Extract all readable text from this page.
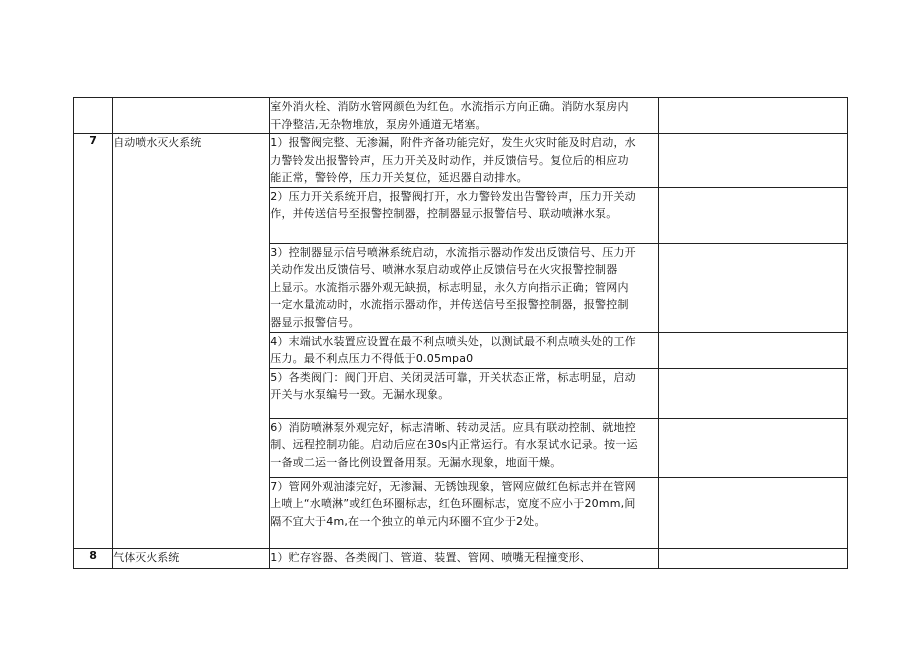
		室外消火栓、消防水管网颜色为红色。水流指示方向正确。消防水泵房内
干净整洁,无杂物堆放，泵房外通道无堵塞。	

7	自动喷水灭火系统	1）报警阀完整、无渗漏，附件齐备功能完好，发生火灾时能及时启动，水
力警铃发出报警铃声，压力开关及时动作，并反馈信号。复位后的相应功
能正常，警铃停，压力开关复位，延迟器自动排水。	

		2）压力开关系统开启，报警阀打开，水力警铃发出告警铃声，压力开关动
作，并传送信号至报警控制器，控制器显示报警信号、联动喷淋水泵。	

		3）控制器显示信号喷淋系统启动，水流指示器动作发出反馈信号、压力开
关动作发出反馈信号、喷淋水泵启动或停止反馈信号在火灾报警控制器
上显示。水流指示器外观无缺损，标志明显，永久方向指示正确；管网内
一定水量流动时，水流指示器动作，并传送信号至报警控制器，报警控制
器显示报警信号。	

		4）末端试水装置应设置在最不利点喷头处，以测试最不利点喷头处的工作
压力。最不利点压力不得低于0.05mpa0	

		5）各类阀门：阀门开启、关闭灵活可靠，开关状态正常，标志明显，启动
开关与水泵编号一致。无漏水现象。	

		6）消防喷淋泵外观完好，标志清晰、转动灵活。应具有联动控制、就地控
制、远程控制功能。启动后应在30s内正常运行。有水泵试水记录。按一运
一备或二运一备比例设置备用泵。无漏水现象，地面干燥。	

		7）管网外观油漆完好，无渗漏、无锈蚀现象，管网应做红色标志并在管网
上喷上“水喷淋”或红色环圈标志，红色环圈标志，宽度不应小于20mm,间
隔不宜大于4m,在一个独立的单元内环圈不宜少于2处。	

8	气体灭火系统	1）贮存容器、各类阀门、管道、装置、管网、喷嘴无程撞变形、	
